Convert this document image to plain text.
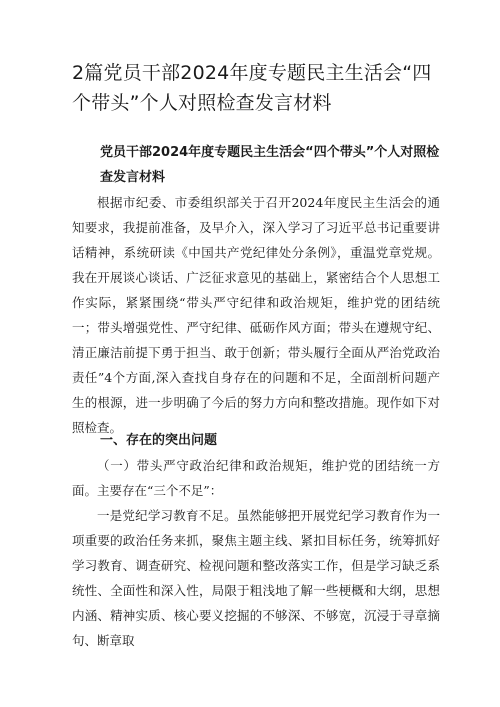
2篇党员干部2024年度专题民主生活会“四个带头”个人对照检查发言材料

党员干部2024年度专题民主生活会“四个带头”个人对照检查发言材料

根据市纪委、市委组织部关于召开2024年度民主生活会的通知要求，我提前准备，及早介入，深入学习了习近平总书记重要讲话精神，系统研读《中国共产党纪律处分条例》，重温党章党规。我在开展谈心谈话、广泛征求意见的基础上，紧密结合个人思想工作实际，紧紧围绕“带头严守纪律和政治规矩，维护党的团结统一；带头增强党性、严守纪律、砥砺作风方面；带头在遵规守纪、清正廉洁前提下勇于担当、敢于创新；带头履行全面从严治党政治责任”4个方面,深入查找自身存在的问题和不足，全面剖析问题产生的根源，进一步明确了今后的努力方向和整改措施。现作如下对照检查。

一、存在的突出问题

（一）带头严守政治纪律和政治规矩，维护党的团结统一方面。主要存在“三个不足”：

一是党纪学习教育不足。虽然能够把开展党纪学习教育作为一项重要的政治任务来抓，聚焦主题主线、紧扣目标任务，统筹抓好学习教育、调查研究、检视问题和整改落实工作，但是学习缺乏系统性、全面性和深入性，局限于粗浅地了解一些梗概和大纲，思想内涵、精神实质、核心要义挖掘的不够深、不够宽，沉浸于寻章摘句、断章取
